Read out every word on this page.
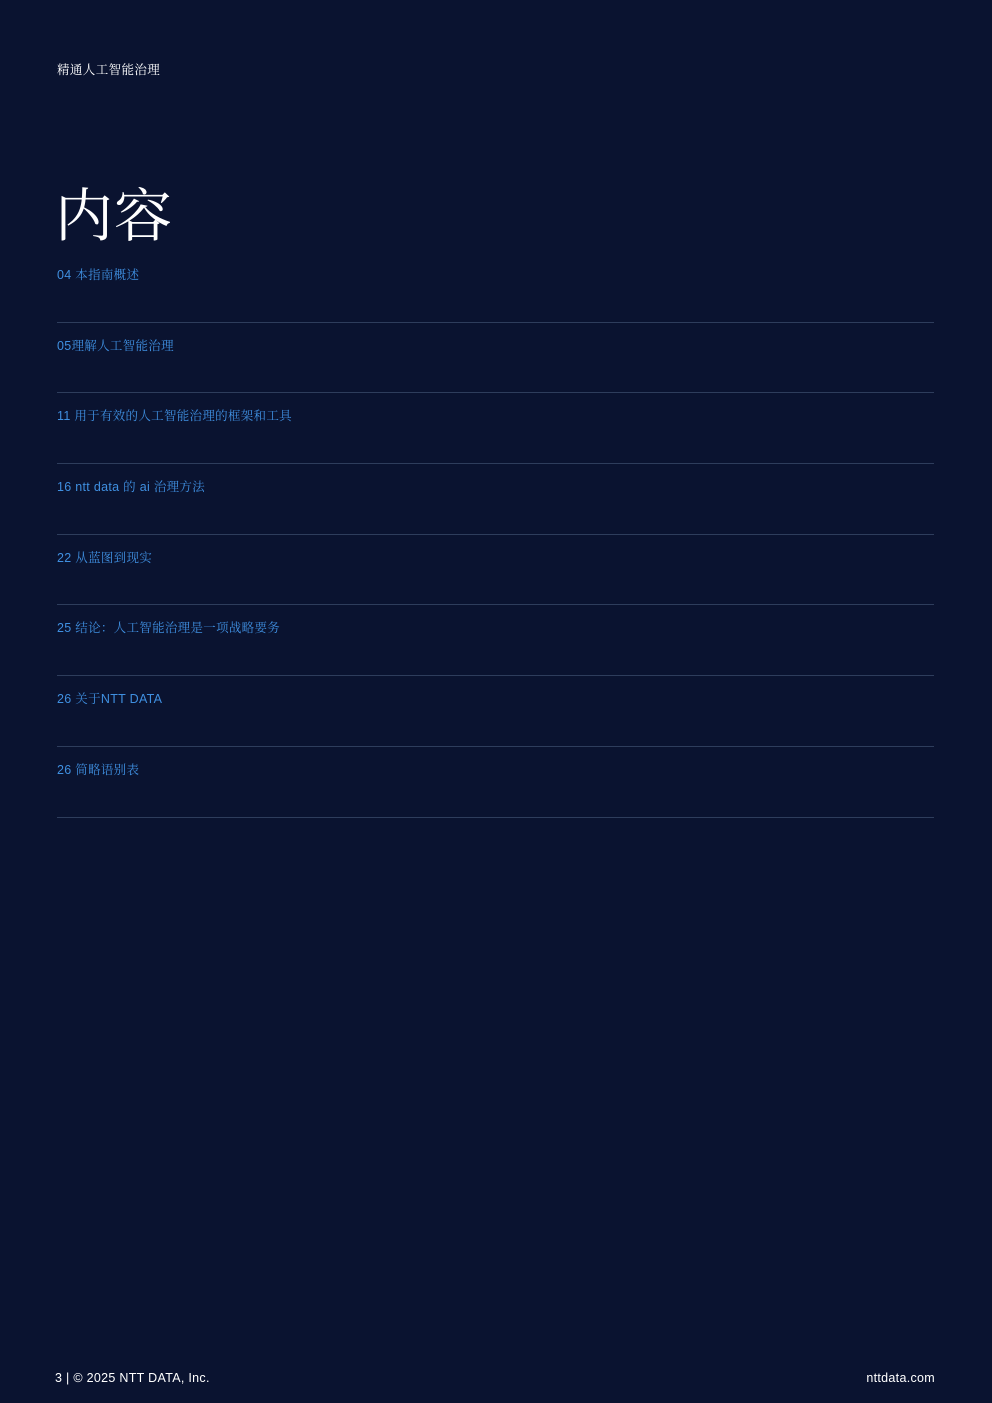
精通人工智能治理
内容
04 本指南概述
05理解人工智能治理
11 用于有效的人工智能治理的框架和工具
16 ntt data 的 ai 治理方法
22 从蓝图到现实
25 结论：人工智能治理是一项战略要务
26 关于NTT DATA
26 简略语别表
3 | © 2025 NTT DATA, Inc.	nttdata.com
